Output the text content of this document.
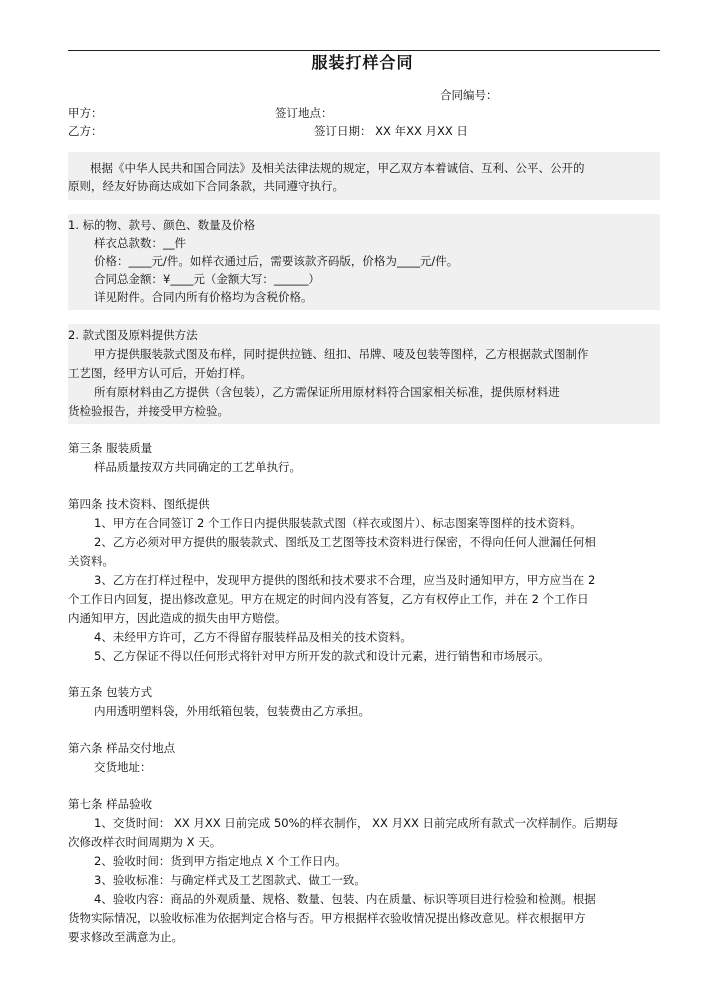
服装打样合同
合同编号：
甲方：	签订地点：
乙方：	签订日期： XX 年XX 月XX 日
根据《中华人民共和国合同法》及相关法律法规的规定，甲乙双方本着诚信、互利、公平、公开的
原则，经友好协商达成如下合同条款，共同遵守执行。
1. 标的物、款号、颜色、数量及价格
样衣总款数：__件
价格：____元/件。如样衣通过后，需要该款齐码版，价格为____元/件。
合同总金额：¥____元（金额大写：______）
详见附件。合同内所有价格均为含税价格。
2. 款式图及原料提供方法
甲方提供服装款式图及布样，同时提供拉链、纽扣、吊牌、唛及包装等图样，乙方根据款式图制作
工艺图，经甲方认可后，开始打样。
所有原材料由乙方提供（含包装），乙方需保证所用原材料符合国家相关标准，提供原材料进
货检验报告，并接受甲方检验。
第三条 服装质量
样品质量按双方共同确定的工艺单执行。
第四条 技术资料、图纸提供
1、甲方在合同签订 2 个工作日内提供服装款式图（样衣或图片）、标志图案等图样的技术资料。
2、乙方必须对甲方提供的服装款式、图纸及工艺图等技术资料进行保密，不得向任何人泄漏任何相
关资料。
3、乙方在打样过程中，发现甲方提供的图纸和技术要求不合理，应当及时通知甲方，甲方应当在 2
个工作日内回复，提出修改意见。甲方在规定的时间内没有答复，乙方有权停止工作，并在 2 个工作日
内通知甲方，因此造成的损失由甲方赔偿。
4、未经甲方许可，乙方不得留存服装样品及相关的技术资料。
5、乙方保证不得以任何形式将针对甲方所开发的款式和设计元素，进行销售和市场展示。
第五条 包装方式
内用透明塑料袋，外用纸箱包装，包装费由乙方承担。
第六条 样品交付地点
交货地址：
第七条 样品验收
1、交货时间： XX 月XX 日前完成 50%的样衣制作， XX 月XX 日前完成所有款式一次样制作。后期每
次修改样衣时间周期为 X 天。
2、验收时间：货到甲方指定地点 X 个工作日内。
3、验收标准：与确定样式及工艺图款式、做工一致。
4、验收内容：商品的外观质量、规格、数量、包装、内在质量、标识等项目进行检验和检测。根据
货物实际情况，以验收标准为依据判定合格与否。甲方根据样衣验收情况提出修改意见。样衣根据甲方
要求修改至满意为止。
